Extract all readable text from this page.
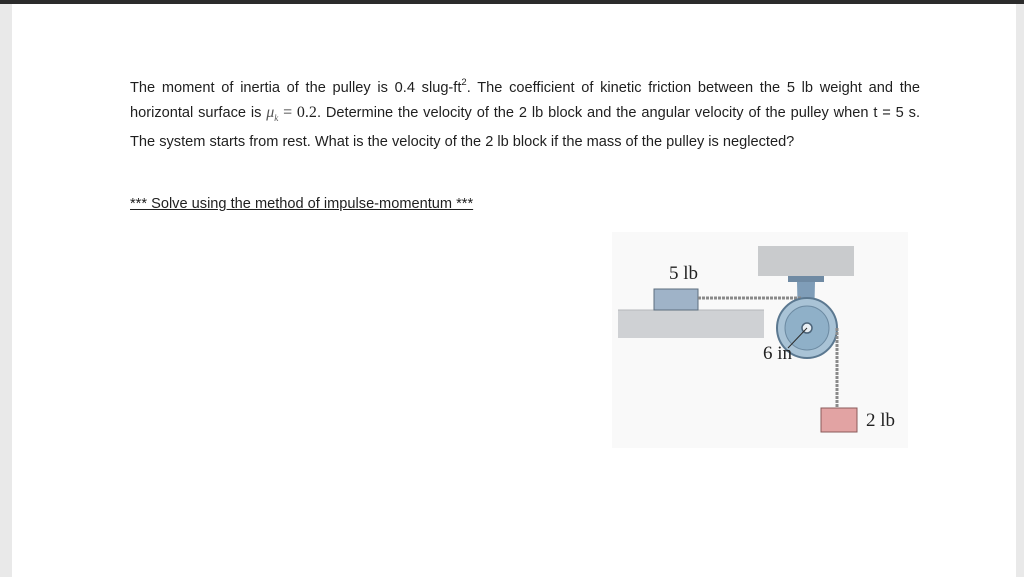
The moment of inertia of the pulley is 0.4 slug-$ft^2$. The coefficient of kinetic friction between the 5 lb weight and the horizontal surface is $\mu_k = 0.2$. Determine the velocity of the 2 lb block and the angular velocity of the pulley when t = 5 s. The system starts from rest. What is the velocity of the 2 lb block if the mass of the pulley is neglected?
*** Solve using the method of impulse-momentum ***
5 lb
6 in
2 lb
